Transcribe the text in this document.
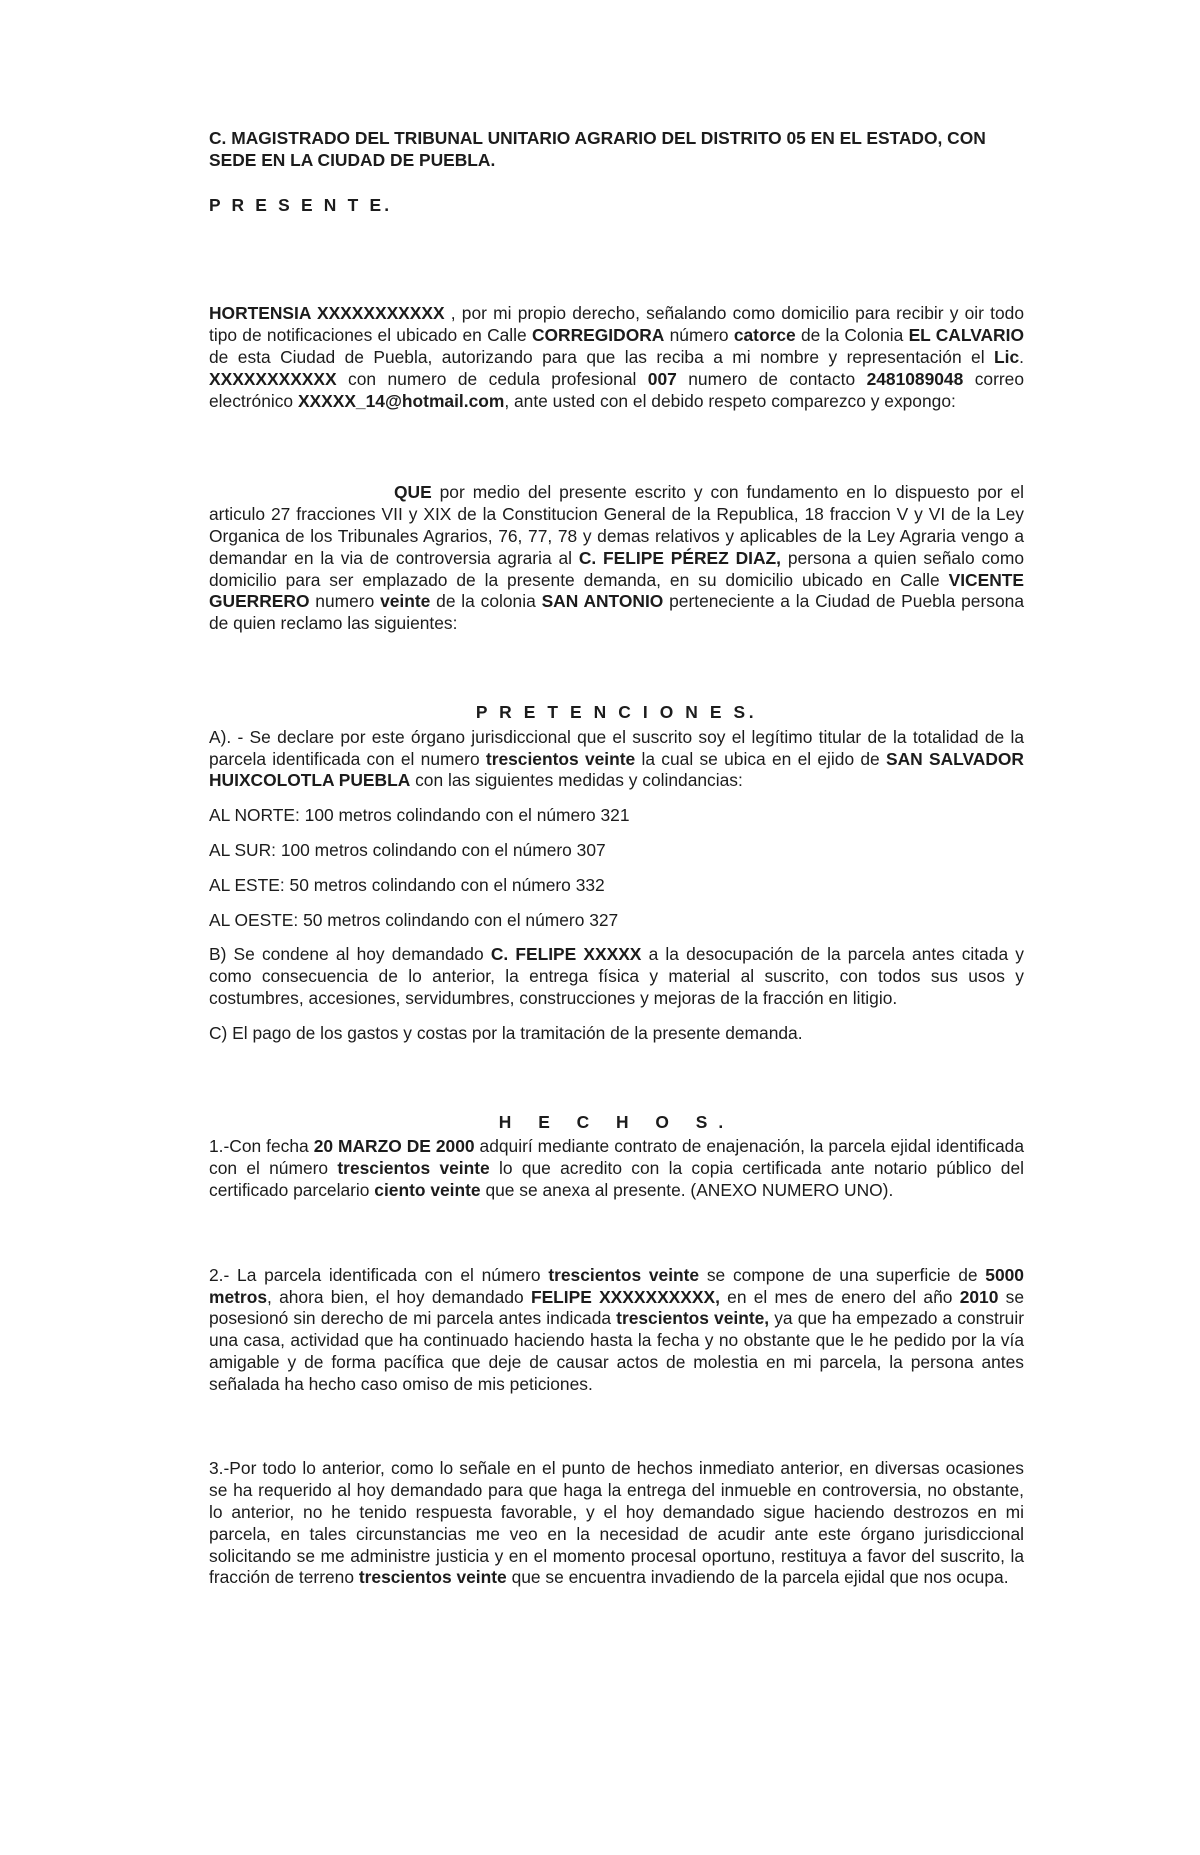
C. MAGISTRADO DEL TRIBUNAL UNITARIO AGRARIO DEL DISTRITO 05 EN EL ESTADO, CON SEDE EN LA CIUDAD DE PUEBLA.

P R E S E N T E.

HORTENSIA XXXXXXXXXXX , por mi propio derecho, señalando como domicilio para recibir y oir todo tipo de notificaciones el ubicado en Calle CORREGIDORA número catorce de la Colonia EL CALVARIO de esta Ciudad de Puebla, autorizando para que las reciba a mi nombre y representación el Lic. XXXXXXXXXXX con numero de cedula profesional 007 numero de contacto 2481089048 correo electrónico XXXXX_14@hotmail.com, ante usted con el debido respeto comparezco y expongo:

QUE por medio del presente escrito y con fundamento en lo dispuesto por el articulo 27 fracciones VII y XIX de la Constitucion General de la Republica, 18 fraccion V y VI de la Ley Organica de los Tribunales Agrarios, 76, 77, 78 y demas relativos y aplicables de la Ley Agraria vengo a demandar en la via de controversia agraria al C. FELIPE PÉREZ DIAZ, persona a quien señalo como domicilio para ser emplazado de la presente demanda, en su domicilio ubicado en Calle VICENTE GUERRERO numero veinte de la colonia SAN ANTONIO perteneciente a la Ciudad de Puebla persona de quien reclamo las siguientes:

P R E T E N C I O N E S.

A). - Se declare por este órgano jurisdiccional que el suscrito soy el legítimo titular de la totalidad de la parcela identificada con el numero trescientos veinte la cual se ubica en el ejido de SAN SALVADOR HUIXCOLOTLA PUEBLA con las siguientes medidas y colindancias:

AL NORTE: 100 metros colindando con el número 321

AL SUR: 100 metros colindando con el número 307

AL ESTE: 50 metros colindando con el número 332

AL OESTE: 50 metros colindando con el número 327

B) Se condene al hoy demandado C. FELIPE XXXXX a la desocupación de la parcela antes citada y como consecuencia de lo anterior, la entrega física y material al suscrito, con todos sus usos y costumbres, accesiones, servidumbres, construcciones y mejoras de la fracción en litigio.

C) El pago de los gastos y costas por la tramitación de la presente demanda.

H E C H O S.

1.-Con fecha 20 MARZO DE 2000 adquirí mediante contrato de enajenación, la parcela ejidal identificada con el número trescientos veinte lo que acredito con la copia certificada ante notario público del certificado parcelario ciento veinte que se anexa al presente. (ANEXO NUMERO UNO).

2.- La parcela identificada con el número trescientos veinte se compone de una superficie de 5000 metros, ahora bien, el hoy demandado FELIPE XXXXXXXXXX, en el mes de enero del año 2010 se posesionó sin derecho de mi parcela antes indicada trescientos veinte, ya que ha empezado a construir una casa, actividad que ha continuado haciendo hasta la fecha y no obstante que le he pedido por la vía amigable y de forma pacífica que deje de causar actos de molestia en mi parcela, la persona antes señalada ha hecho caso omiso de mis peticiones.

3.-Por todo lo anterior, como lo señale en el punto de hechos inmediato anterior, en diversas ocasiones se ha requerido al hoy demandado para que haga la entrega del inmueble en controversia, no obstante, lo anterior, no he tenido respuesta favorable, y el hoy demandado sigue haciendo destrozos en mi parcela, en tales circunstancias me veo en la necesidad de acudir ante este órgano jurisdiccional solicitando se me administre justicia y en el momento procesal oportuno, restituya a favor del suscrito, la fracción de terreno trescientos veinte que se encuentra invadiendo de la parcela ejidal que nos ocupa.
